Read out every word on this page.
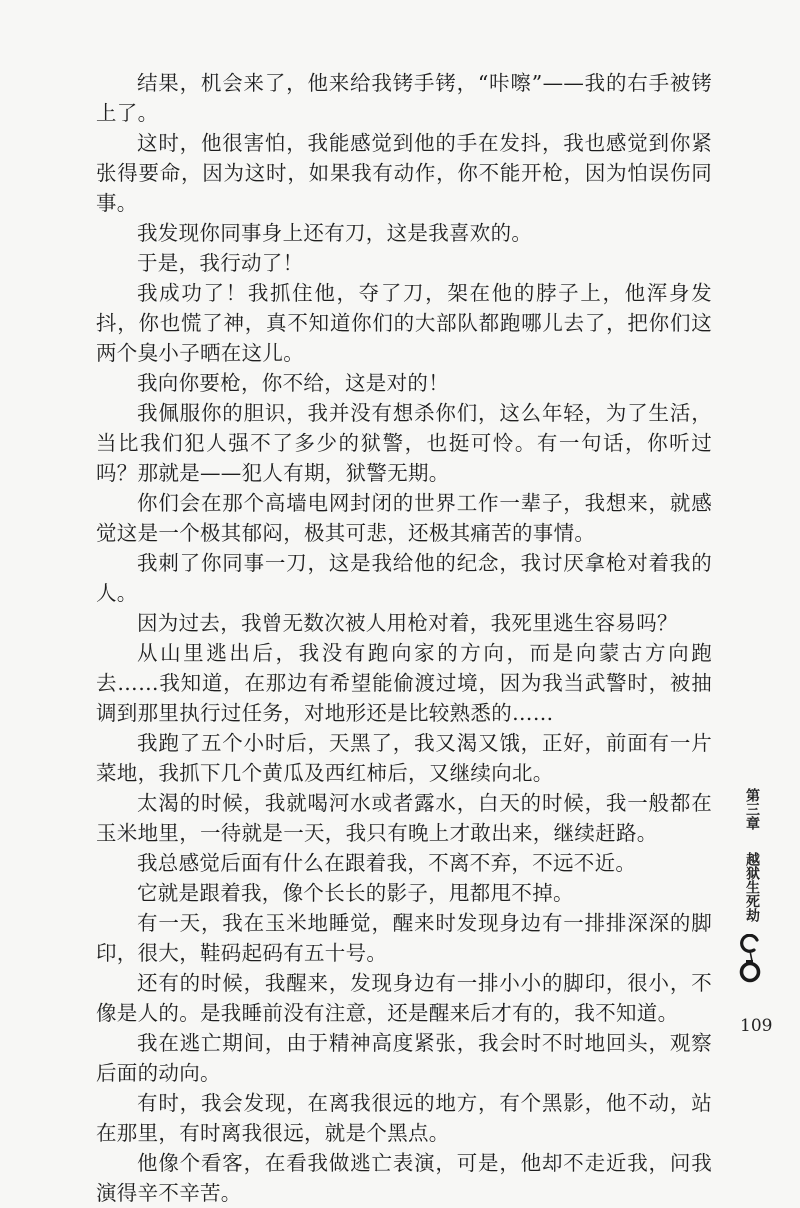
结果，机会来了，他来给我铐手铐，“咔嚓”——我的右手被铐上了。

这时，他很害怕，我能感觉到他的手在发抖，我也感觉到你紧张得要命，因为这时，如果我有动作，你不能开枪，因为怕误伤同事。

我发现你同事身上还有刀，这是我喜欢的。

于是，我行动了！

我成功了！我抓住他，夺了刀，架在他的脖子上，他浑身发抖，你也慌了神，真不知道你们的大部队都跑哪儿去了，把你们这两个臭小子晒在这儿。

我向你要枪，你不给，这是对的！

我佩服你的胆识，我并没有想杀你们，这么年轻，为了生活，当比我们犯人强不了多少的狱警，也挺可怜。有一句话，你听过吗？那就是——犯人有期，狱警无期。

你们会在那个高墙电网封闭的世界工作一辈子，我想来，就感觉这是一个极其郁闷，极其可悲，还极其痛苦的事情。

我刺了你同事一刀，这是我给他的纪念，我讨厌拿枪对着我的人。

因为过去，我曾无数次被人用枪对着，我死里逃生容易吗？

从山里逃出后，我没有跑向家的方向，而是向蒙古方向跑去……我知道，在那边有希望能偷渡过境，因为我当武警时，被抽调到那里执行过任务，对地形还是比较熟悉的……

我跑了五个小时后，天黑了，我又渴又饿，正好，前面有一片菜地，我抓下几个黄瓜及西红柿后，又继续向北。

太渴的时候，我就喝河水或者露水，白天的时候，我一般都在玉米地里，一待就是一天，我只有晚上才敢出来，继续赶路。

我总感觉后面有什么在跟着我，不离不弃，不远不近。

它就是跟着我，像个长长的影子，甩都甩不掉。

有一天，我在玉米地睡觉，醒来时发现身边有一排排深深的脚印，很大，鞋码起码有五十号。

还有的时候，我醒来，发现身边有一排小小的脚印，很小，不像是人的。是我睡前没有注意，还是醒来后才有的，我不知道。

我在逃亡期间，由于精神高度紧张，我会时不时地回头，观察后面的动向。

有时，我会发现，在离我很远的地方，有个黑影，他不动，站在那里，有时离我很远，就是个黑点。

他像个看客，在看我做逃亡表演，可是，他却不走近我，问我演得辛不辛苦。

第三章
越狱生死劫
109
